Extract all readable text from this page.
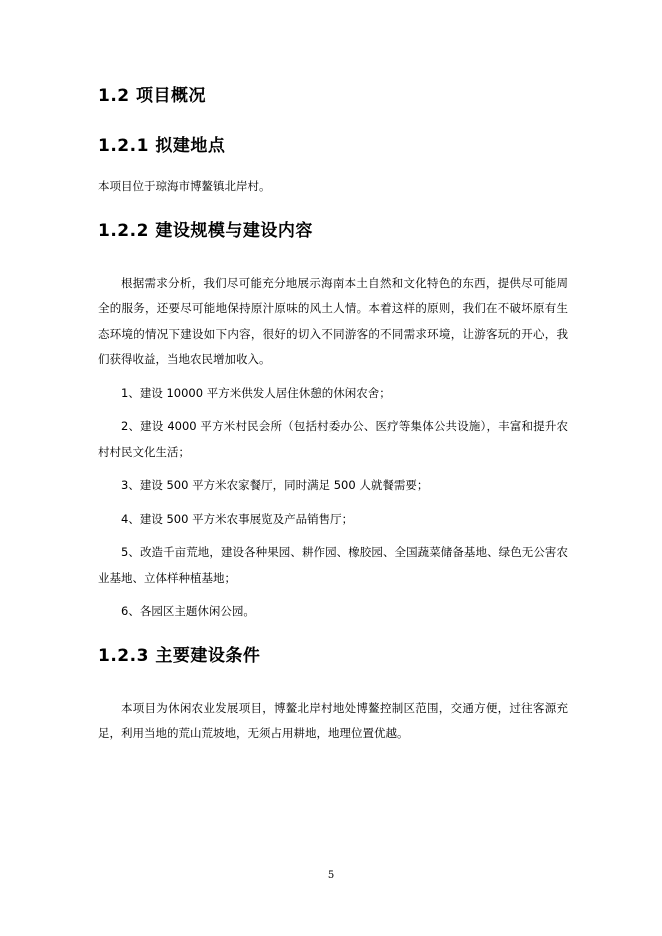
1.2 项目概况
1.2.1 拟建地点

本项目位于琼海市博鳌镇北岸村。

1.2.2 建设规模与建设内容

根据需求分析，我们尽可能充分地展示海南本土自然和文化特色的东西，提供尽可能周全的服务，还要尽可能地保持原汁原味的风土人情。本着这样的原则，我们在不破坏原有生态环境的情况下建设如下内容，很好的切入不同游客的不同需求环境，让游客玩的开心，我们获得收益，当地农民增加收入。

1、建设 10000 平方米供发人居住休憩的休闲农舍；

2、建设 4000 平方米村民会所（包括村委办公、医疗等集体公共设施），丰富和提升农村村民文化生活；

3、建设 500 平方米农家餐厅，同时满足 500 人就餐需要；

4、建设 500 平方米农事展览及产品销售厅；

5、改造千亩荒地，建设各种果园、耕作园、橡胶园、全国蔬菜储备基地、绿色无公害农业基地、立体样种植基地；

6、各园区主题休闲公园。

1.2.3 主要建设条件

本项目为休闲农业发展项目，博鳌北岸村地处博鳌控制区范围，交通方便，过往客源充足，利用当地的荒山荒坡地，无须占用耕地，地理位置优越。

5
